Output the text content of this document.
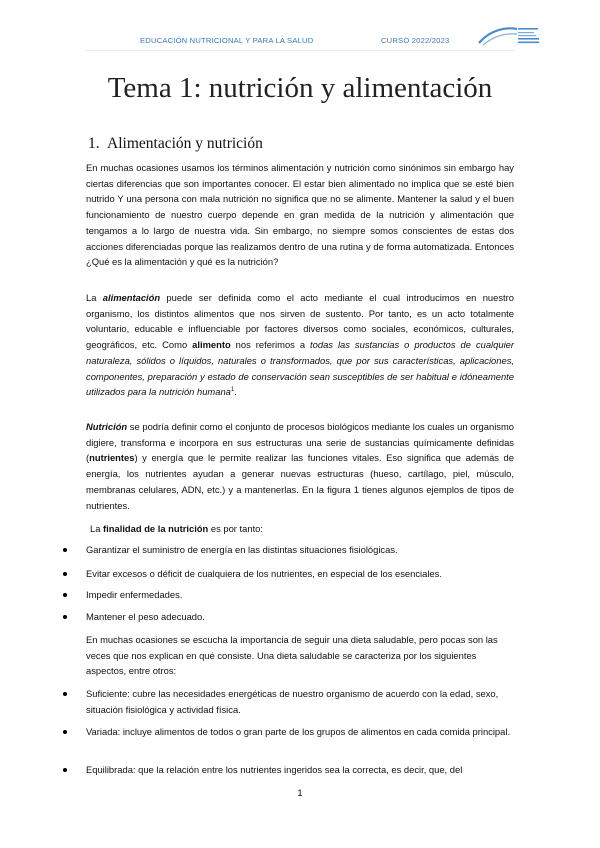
EDUCACIÓN NUTRICIONAL Y PARA LA SALUD	CURSO 2022/2023
Tema 1: nutrición y alimentación
1. Alimentación y nutrición

En muchas ocasiones usamos los términos alimentación y nutrición como sinónimos sin embargo hay ciertas diferencias que son importantes conocer. El estar bien alimentado no implica que se esté bien nutrido Y una persona con mala nutrición no significa que no se alimente. Mantener la salud y el buen funcionamiento de nuestro cuerpo depende en gran medida de la nutrición y alimentación que tengamos a lo largo de nuestra vida. Sin embargo, no siempre somos conscientes de estas dos acciones diferenciadas porque las realizamos dentro de una rutina y de forma automatizada. Entonces ¿Qué es la alimentación y qué es la nutrición?

La alimentación puede ser definida como el acto mediante el cual introducimos en nuestro organismo, los distintos alimentos que nos sirven de sustento. Por tanto, es un acto totalmente voluntario, educable e influenciable por factores diversos como sociales, económicos, culturales, geográficos, etc. Como alimento nos referimos a todas las sustancias o productos de cualquier naturaleza, sólidos o líquidos, naturales o transformados, que por sus características, aplicaciones, componentes, preparación y estado de conservación sean susceptibles de ser habitual e idóneamente utilizados para la nutrición humana$^1$.

Nutrición se podría definir como el conjunto de procesos biológicos mediante los cuales un organismo digiere, transforma e incorpora en sus estructuras una serie de sustancias químicamente definidas (nutrientes) y energía que le permite realizar las funciones vitales. Eso significa que además de energía, los nutrientes ayudan a generar nuevas estructuras (hueso, cartílago, piel, músculo, membranas celulares, ADN, etc.) y a mantenerlas. En la figura 1 tienes algunos ejemplos de tipos de nutrientes.

La finalidad de la nutrición es por tanto:
Garantizar el suministro de energía en las distintas situaciones fisiológicas.
Evitar excesos o déficit de cualquiera de los nutrientes, en especial de los esenciales.
Impedir enfermedades.
Mantener el peso adecuado.

En muchas ocasiones se escucha la importancia de seguir una dieta saludable, pero pocas son las veces que nos explican en qué consiste. Una dieta saludable se caracteriza por los siguientes aspectos, entre otros:

Suficiente: cubre las necesidades energéticas de nuestro organismo de acuerdo con la edad, sexo, situación fisiológica y actividad física.
Variada: incluye alimentos de todos o gran parte de los grupos de alimentos en cada comida principal.
Equilibrada: que la relación entre los nutrientes ingeridos sea la correcta, es decir, que, del
1
